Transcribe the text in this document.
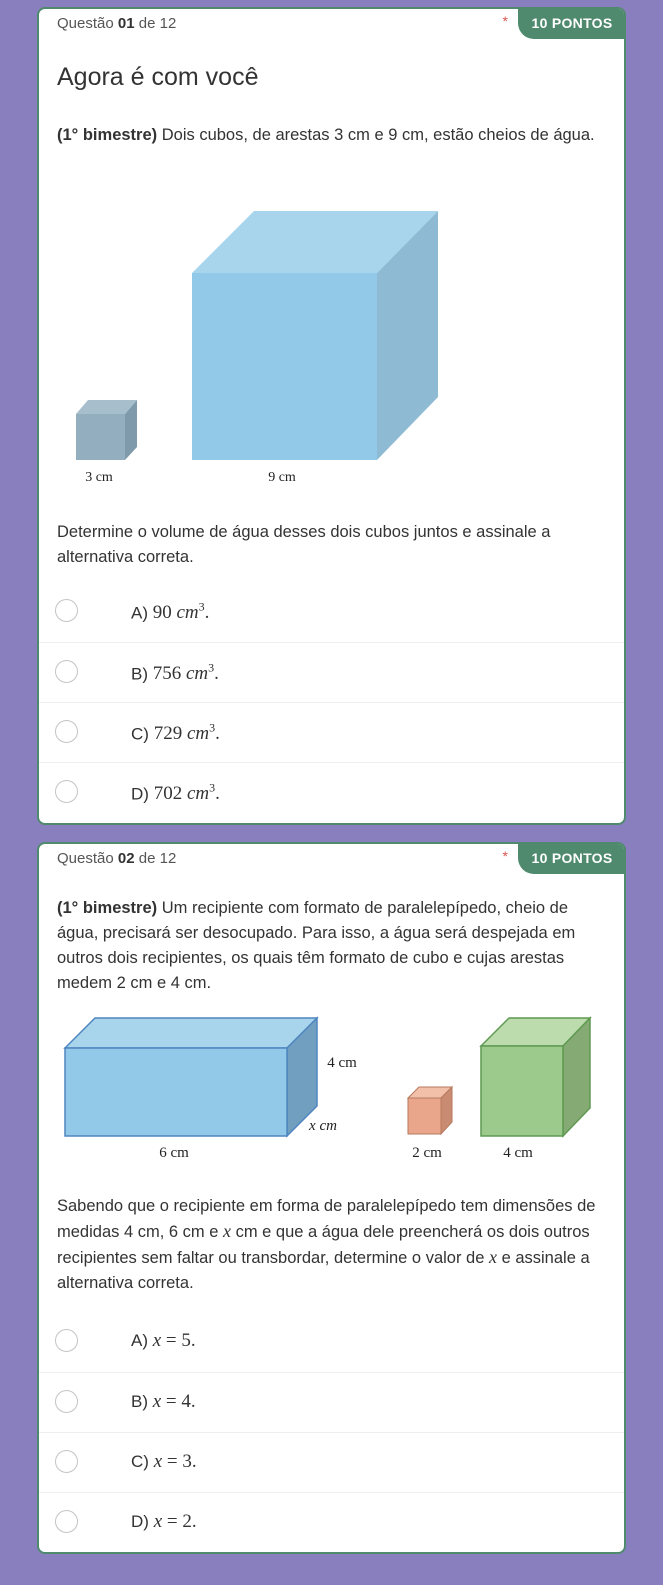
Questão 01 de 12	*	10 PONTOS
Agora é com você

(1° bimestre) Dois cubos, de arestas 3 cm e 9 cm, estão cheios de água.

3 cm	9 cm

Determine o volume de água desses dois cubos juntos e assinale a alternativa correta.

A) 90 $cm^3$.
B) 756 $cm^3$.
C) 729 $cm^3$.
D) 702 $cm^3$.
Questão 02 de 12	*	10 PONTOS

(1° bimestre) Um recipiente com formato de paralelepípedo, cheio de água, precisará ser desocupado. Para isso, a água será despejada em outros dois recipientes, os quais têm formato de cubo e cujas arestas medem 2 cm e 4 cm.

4 cm
x cm
6 cm	2 cm	4 cm

Sabendo que o recipiente em forma de paralelepípedo tem dimensões de medidas 4 cm, 6 cm e x cm e que a água dele preencherá os dois outros recipientes sem faltar ou transbordar, determine o valor de x e assinale a alternativa correta.

A) x = 5.
B) x = 4.
C) x = 3.
D) x = 2.
